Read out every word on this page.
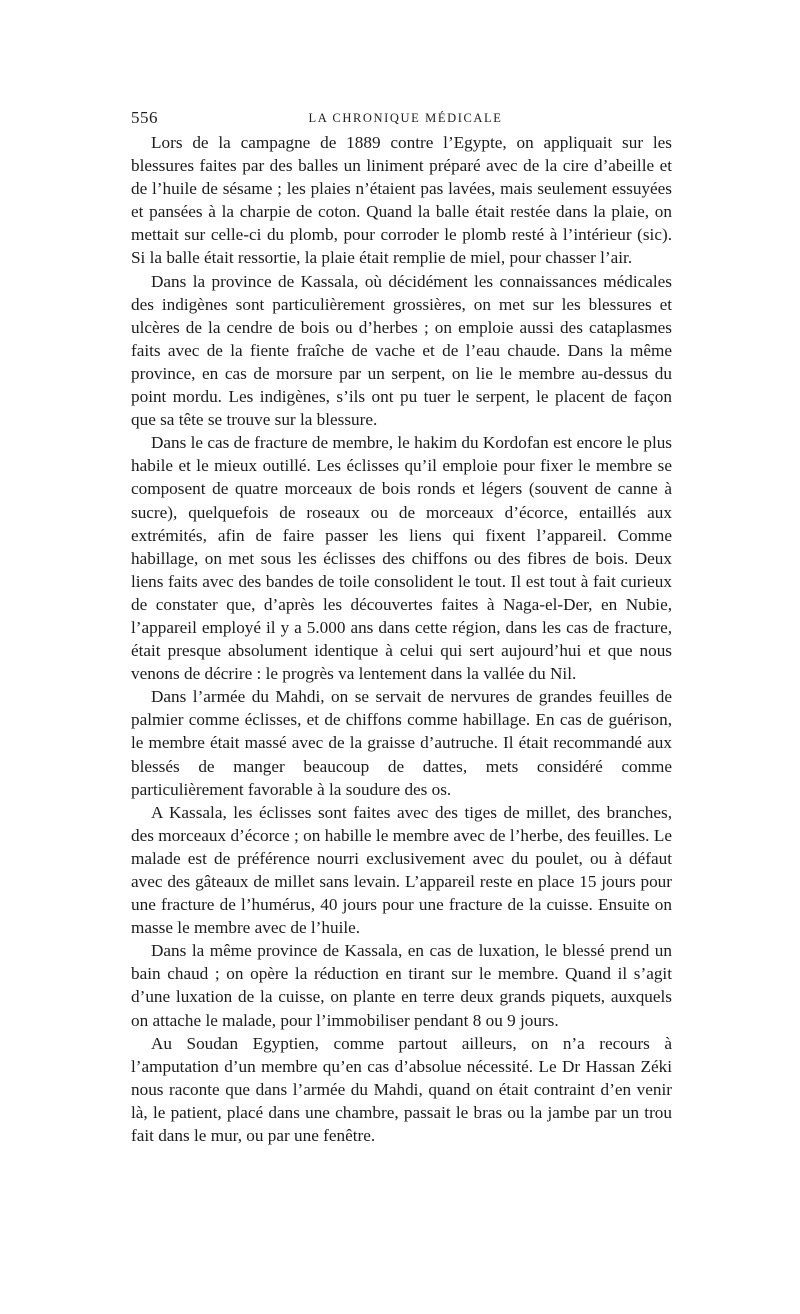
556	LA CHRONIQUE MÉDICALE

Lors de la campagne de 1889 contre l’Egypte, on appliquait sur les blessures faites par des balles un liniment préparé avec de la cire d’abeille et de l’huile de sésame ; les plaies n’étaient pas lavées, mais seulement essuyées et pansées à la charpie de coton. Quand la balle était restée dans la plaie, on mettait sur celle-ci du plomb, pour corroder le plomb resté à l’intérieur (sic). Si la balle était ressortie, la plaie était remplie de miel, pour chasser l’air.

Dans la province de Kassala, où décidément les connaissances médicales des indigènes sont particulièrement grossières, on met sur les blessures et ulcères de la cendre de bois ou d’herbes ; on emploie aussi des cataplasmes faits avec de la fiente fraîche de vache et de l’eau chaude. Dans la même province, en cas de morsure par un serpent, on lie le membre au-dessus du point mordu. Les indigènes, s’ils ont pu tuer le serpent, le placent de façon que sa tête se trouve sur la blessure.

Dans le cas de fracture de membre, le hakim du Kordofan est encore le plus habile et le mieux outillé. Les éclisses qu’il emploie pour fixer le membre se composent de quatre morceaux de bois ronds et légers (souvent de canne à sucre), quelquefois de roseaux ou de morceaux d’écorce, entaillés aux extrémités, afin de faire passer les liens qui fixent l’appareil. Comme habillage, on met sous les éclisses des chiffons ou des fibres de bois. Deux liens faits avec des bandes de toile consolident le tout. Il est tout à fait curieux de constater que, d’après les découvertes faites à Naga-el-Der, en Nubie, l’appareil employé il y a 5.000 ans dans cette région, dans les cas de fracture, était presque absolument identique à celui qui sert aujourd’hui et que nous venons de décrire : le progrès va lentement dans la vallée du Nil.

Dans l’armée du Mahdi, on se servait de nervures de grandes feuilles de palmier comme éclisses, et de chiffons comme habillage. En cas de guérison, le membre était massé avec de la graisse d’autruche. Il était recommandé aux blessés de manger beaucoup de dattes, mets considéré comme particulièrement favorable à la soudure des os.

A Kassala, les éclisses sont faites avec des tiges de millet, des branches, des morceaux d’écorce ; on habille le membre avec de l’herbe, des feuilles. Le malade est de préférence nourri exclusivement avec du poulet, ou à défaut avec des gâteaux de millet sans levain. L’appareil reste en place 15 jours pour une fracture de l’humérus, 40 jours pour une fracture de la cuisse. Ensuite on masse le membre avec de l’huile.

Dans la même province de Kassala, en cas de luxation, le blessé prend un bain chaud ; on opère la réduction en tirant sur le membre. Quand il s’agit d’une luxation de la cuisse, on plante en terre deux grands piquets, auxquels on attache le malade, pour l’immobiliser pendant 8 ou 9 jours.

Au Soudan Egyptien, comme partout ailleurs, on n’a recours à l’amputation d’un membre qu’en cas d’absolue nécessité. Le Dr Hassan Zéki nous raconte que dans l’armée du Mahdi, quand on était contraint d’en venir là, le patient, placé dans une chambre, passait le bras ou la jambe par un trou fait dans le mur, ou par une fenêtre.
